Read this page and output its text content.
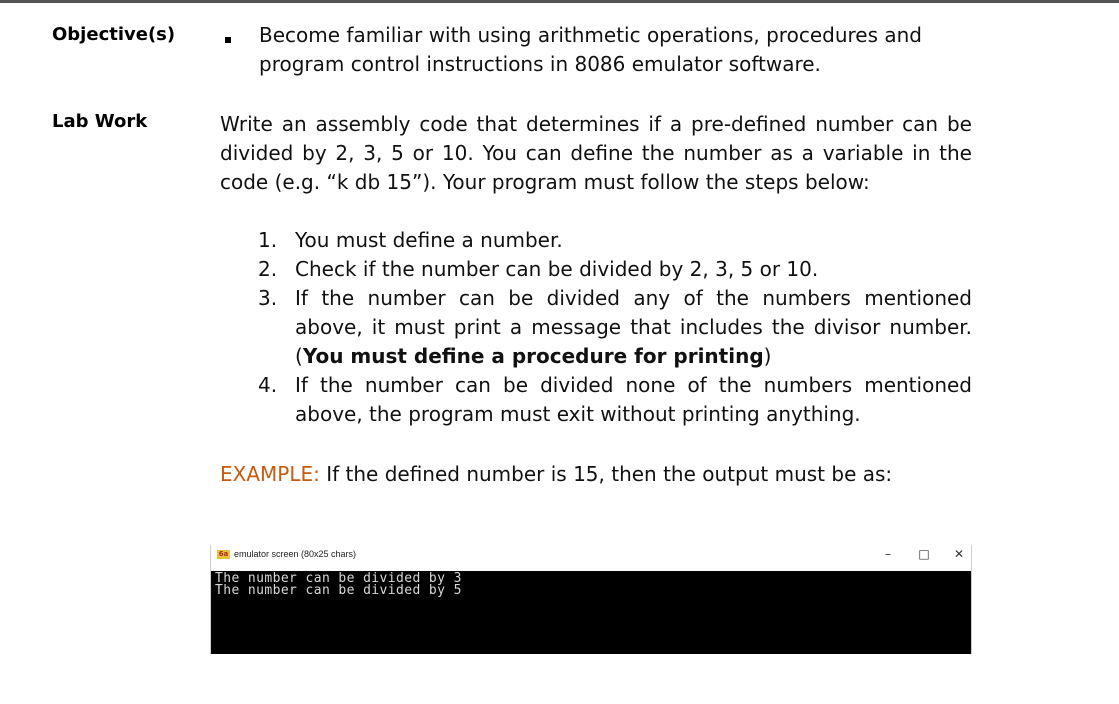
Objective(s)	Become familiar with using arithmetic operations, procedures and
program control instructions in 8086 emulator software.
Lab Work	Write an assembly code that determines if a pre-defined number can be divided by 2, 3, 5 or 10. You can define the number as a variable in the code (e.g. “k db 15”). Your program must follow the steps below:
1. You must define a number.
2. Check if the number can be divided by 2, 3, 5 or 10.
3. If the number can be divided any of the numbers mentioned above, it must print a message that includes the divisor number. (You must define a procedure for printing)
4. If the number can be divided none of the numbers mentioned above, the program must exit without printing anything.
EXAMPLE: If the defined number is 15, then the output must be as:
6a emulator screen (80x25 chars)	–	□	✕
The number can be divided by 3
The number can be divided by 5
